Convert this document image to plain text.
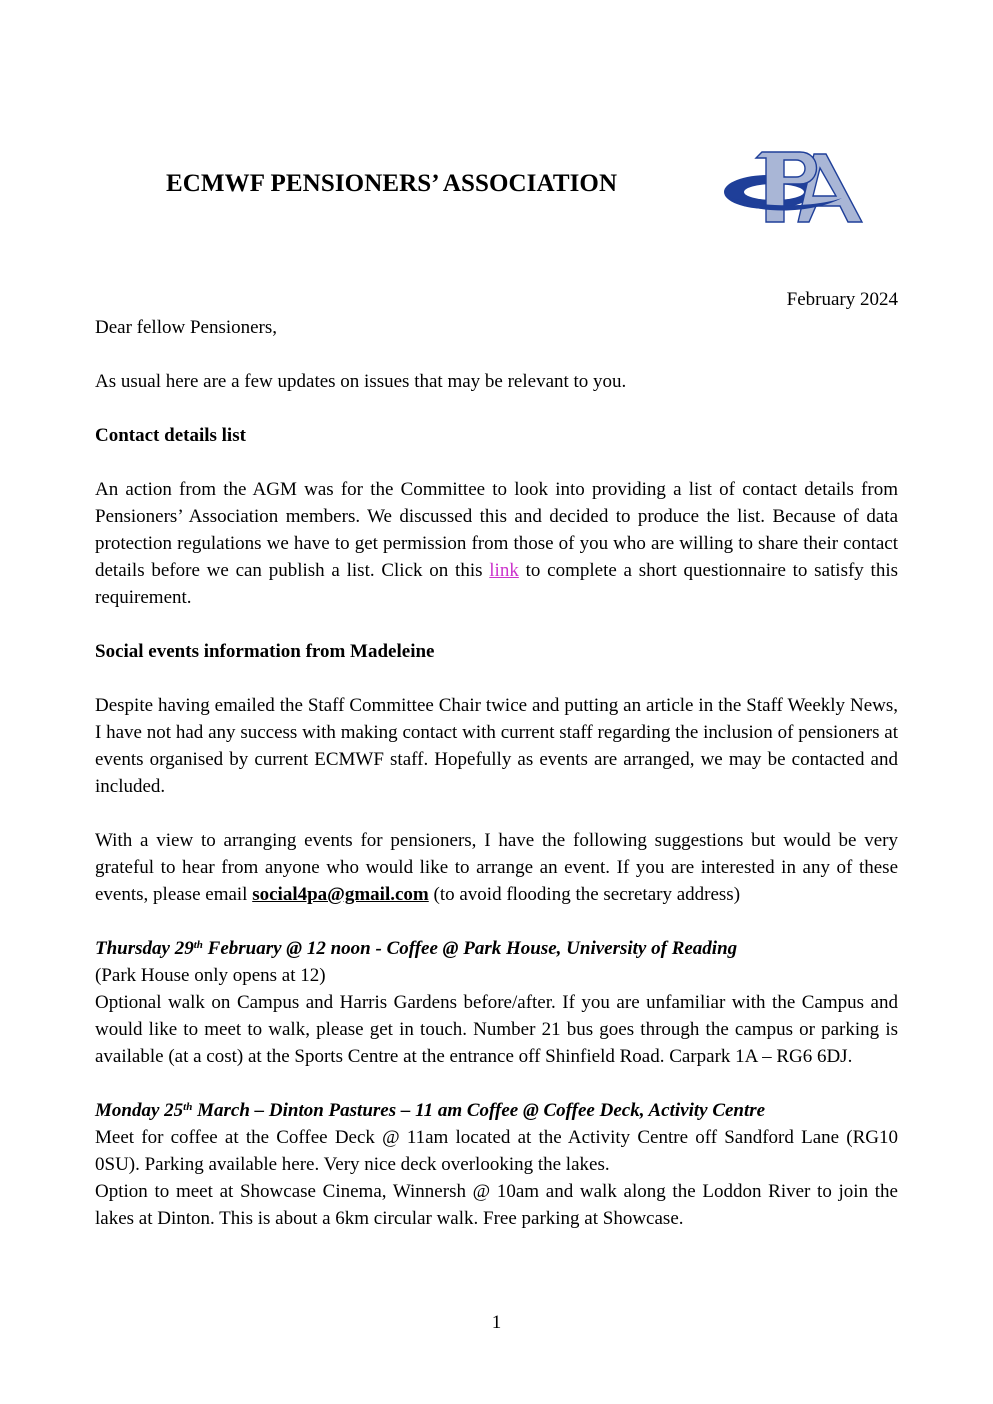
ECMWF PENSIONERS’ ASSOCIATION
February 2024

Dear fellow Pensioners,

As usual here are a few updates on issues that may be relevant to you.

Contact details list

An action from the AGM was for the Committee to look into providing a list of contact details from Pensioners’ Association members. We discussed this and decided to produce the list. Because of data protection regulations we have to get permission from those of you who are willing to share their contact details before we can publish a list. Click on this link to complete a short questionnaire to satisfy this requirement.

Social events information from Madeleine

Despite having emailed the Staff Committee Chair twice and putting an article in the Staff Weekly News, I have not had any success with making contact with current staff regarding the inclusion of pensioners at events organised by current ECMWF staff. Hopefully as events are arranged, we may be contacted and included.

With a view to arranging events for pensioners, I have the following suggestions but would be very grateful to hear from anyone who would like to arrange an event. If you are interested in any of these events, please email social4pa@gmail.com (to avoid flooding the secretary address)

Thursday 29th February @ 12 noon - Coffee @ Park House, University of Reading
(Park House only opens at 12)
Optional walk on Campus and Harris Gardens before/after. If you are unfamiliar with the Campus and would like to meet to walk, please get in touch. Number 21 bus goes through the campus or parking is available (at a cost) at the Sports Centre at the entrance off Shinfield Road. Carpark 1A – RG6 6DJ.

Monday 25th March – Dinton Pastures – 11 am Coffee @ Coffee Deck, Activity Centre
Meet for coffee at the Coffee Deck @ 11am located at the Activity Centre off Sandford Lane (RG10 0SU). Parking available here. Very nice deck overlooking the lakes.
Option to meet at Showcase Cinema, Winnersh @ 10am and walk along the Loddon River to join the lakes at Dinton. This is about a 6km circular walk. Free parking at Showcase.

1
